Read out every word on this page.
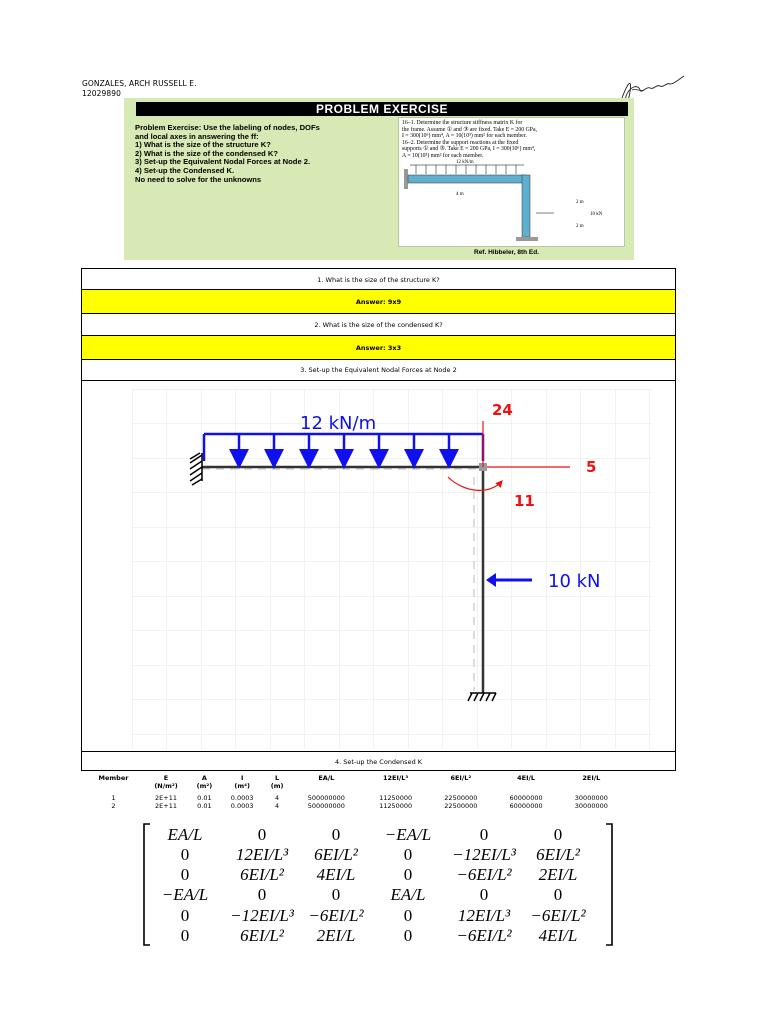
GONZALES, ARCH RUSSELL E.
12029890
PROBLEM EXERCISE
Problem Exercise: Use the labeling of nodes, DOFs
and local axes in answering the ff:
1) What is the size of the structure K?
2) What is the size of the condensed K?
3) Set-up the Equivalent Nodal Forces at Node 2.
4) Set-up the Condensed K.
No need to solve for the unknowns
16–1. Determine the structure stiffness matrix K for
the frame. Assume ① and ③ are fixed. Take E = 200 GPa,
I = 300(10⁶) mm⁴, A = 10(10³) mm² for each member.
16–2. Determine the support reactions at the fixed
supports ① and ③. Take E = 200 GPa, I = 300(10⁶) mm⁴,
A = 10(10³) mm² for each member.
12 kN/m
4 m
2 m
10 kN
2 m
Ref. Hibbeler, 8th Ed.
1. What is the size of the structure K?
Answer: 9x9
2. What is the size of the condensed K?
Answer: 3x3
3. Set-up the Equivalent Nodal Forces at Node 2
12 kN/m
10 kN
24
5
11
4. Set-up the Condensed K
Member	E	A	I	L	EA/L	12EI/L³	6EI/L²	4EI/L	2EI/L
	(N/m²)	(m²)	(m⁴)	(m)					

1	2E+11	0.01	0.0003	4	500000000	11250000	22500000	60000000	30000000
2	2E+11	0.01	0.0003	4	500000000	11250000	22500000	60000000	30000000
EA/L	0	0	−EA/L	0	0
0	12EI/L³ 6EI/L²	0 −12EI/L³ 6EI/L²
0	6EI/L² 4EI/L	0	−6EI/L² 2EI/L
−EA/L	0	0	EA/L	0	0
0 −12EI/L³ −6EI/L² 0	12EI/L³ −6EI/L²
0	6EI/L² 2EI/L	0	−6EI/L² 4EI/L
